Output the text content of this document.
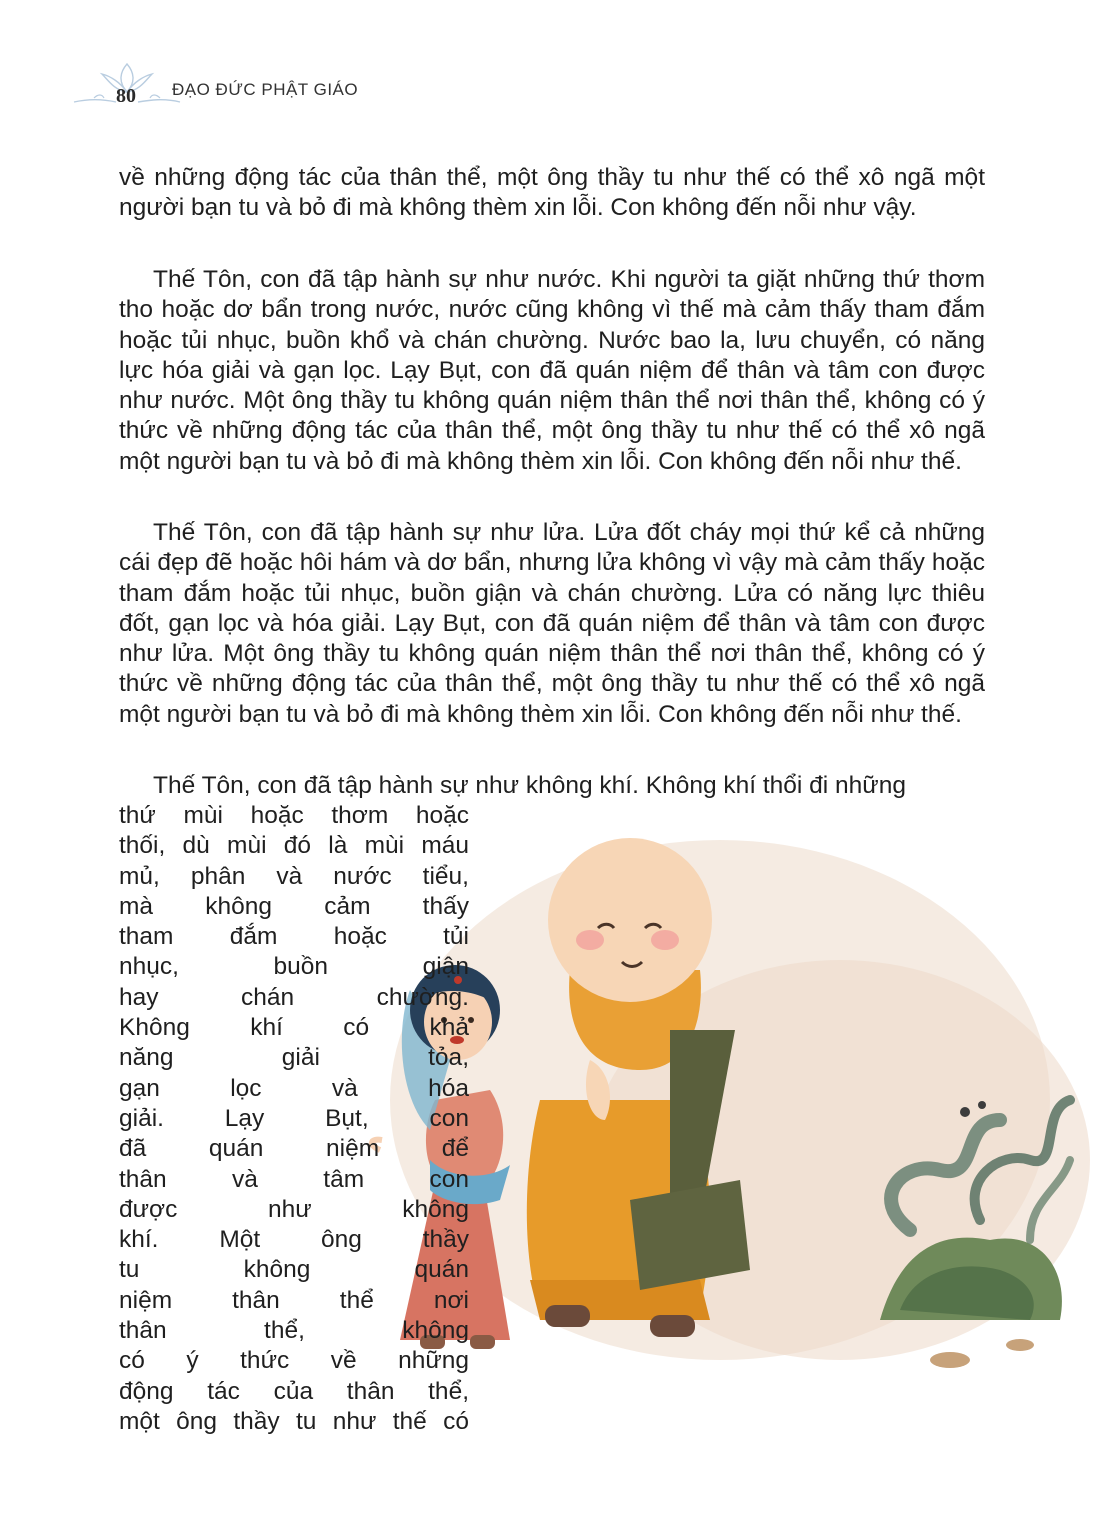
80	ĐẠO ĐỨC PHẬT GIÁO
về những động tác của thân thể, một ông thầy tu như thế có thể xô ngã một người bạn tu và bỏ đi mà không thèm xin lỗi. Con không đến nỗi như vậy.
Thế Tôn, con đã tập hành sự như nước. Khi người ta giặt những thứ thơm tho hoặc dơ bẩn trong nước, nước cũng không vì thế mà cảm thấy tham đắm hoặc tủi nhục, buồn khổ và chán chường. Nước bao la, lưu chuyển, có năng lực hóa giải và gạn lọc. Lạy Bụt, con đã quán niệm để thân và tâm con được như nước. Một ông thầy tu không quán niệm thân thể nơi thân thể, không có ý thức về những động tác của thân thể, một ông thầy tu như thế có thể xô ngã một người bạn tu và bỏ đi mà không thèm xin lỗi. Con không đến nỗi như thế.
Thế Tôn, con đã tập hành sự như lửa. Lửa đốt cháy mọi thứ kể cả những cái đẹp đẽ hoặc hôi hám và dơ bẩn, nhưng lửa không vì vậy mà cảm thấy hoặc tham đắm hoặc tủi nhục, buồn giận và chán chường. Lửa có năng lực thiêu đốt, gạn lọc và hóa giải. Lạy Bụt, con đã quán niệm để thân và tâm con được như lửa. Một ông thầy tu không quán niệm thân thể nơi thân thể, không có ý thức về những động tác của thân thể, một ông thầy tu như thế có thể xô ngã một người bạn tu và bỏ đi mà không thèm xin lỗi. Con không đến nỗi như thế.
Thế Tôn, con đã tập hành sự như không khí. Không khí thổi đi những
thứ mùi hoặc thơm hoặc
thối, dù mùi đó là mùi máu
mủ, phân và nước tiểu,
mà không cảm thấy
tham đắm hoặc tủi
nhục, buồn giận
hay chán chường.
Không khí có khả
năng giải tỏa,
gạn lọc và hóa
giải. Lạy Bụt, con
đã quán niệm để
thân và tâm con
được như không
khí. Một ông thầy
tu không quán
niệm thân thể nơi
thân thể, không
có ý thức về những
động tác của thân thể,
một ông thầy tu như thế có
